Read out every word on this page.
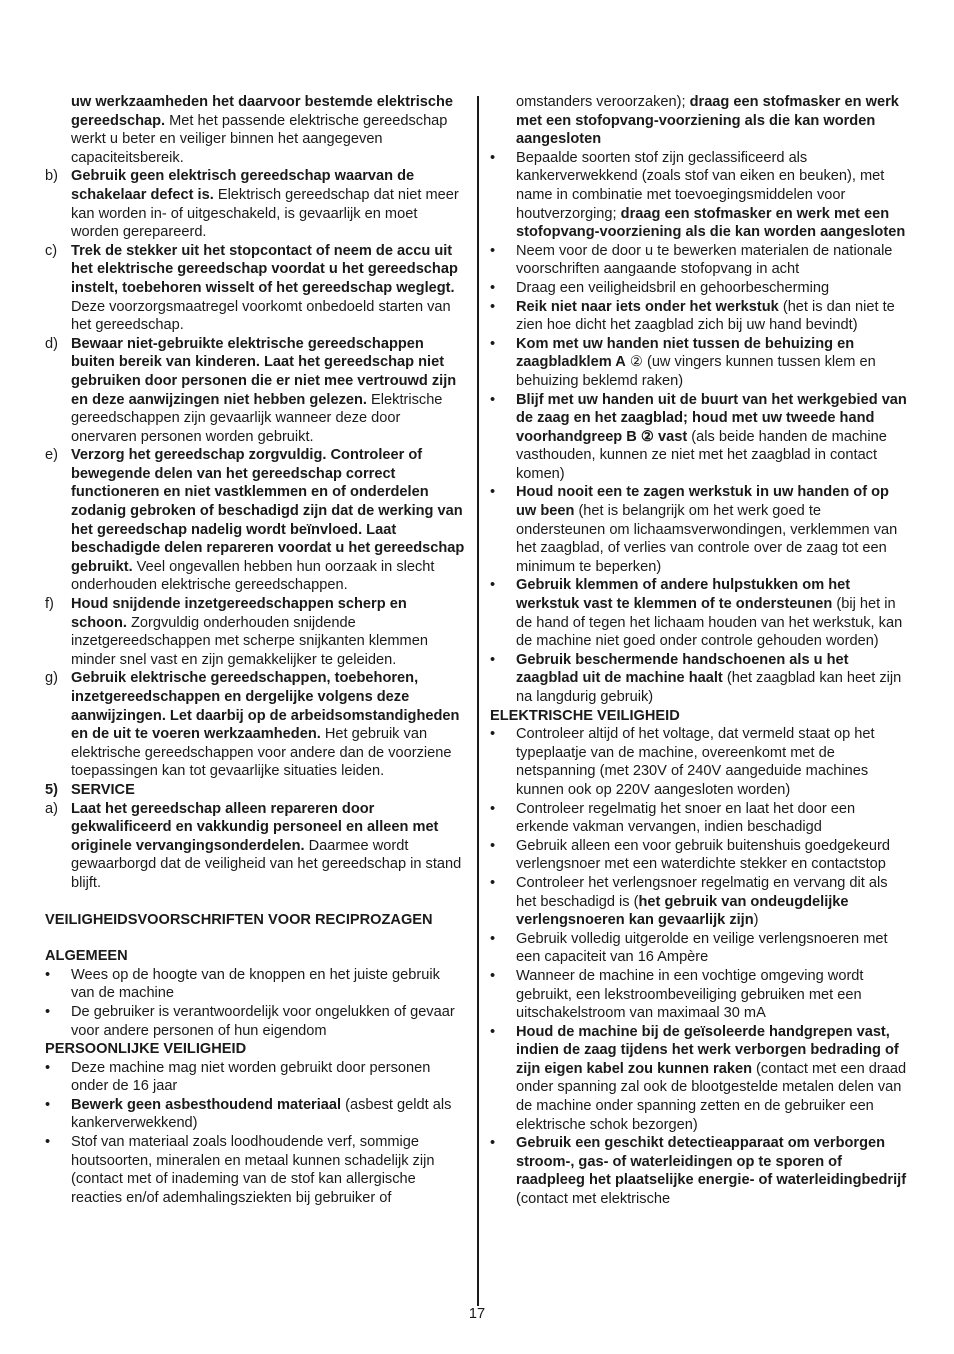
uw werkzaamheden het daarvoor bestemde elektrische gereedschap. Met het passende elektrische gereedschap werkt u beter en veiliger binnen het aangegeven capaciteitsbereik.
b) Gebruik geen elektrisch gereedschap waarvan de schakelaar defect is. Elektrisch gereedschap dat niet meer kan worden in- of uitgeschakeld, is gevaarlijk en moet worden gerepareerd.
c) Trek de stekker uit het stopcontact of neem de accu uit het elektrische gereedschap voordat u het gereedschap instelt, toebehoren wisselt of het gereedschap weglegt. Deze voorzorgsmaatregel voorkomt onbedoeld starten van het gereedschap.
d) Bewaar niet-gebruikte elektrische gereedschappen buiten bereik van kinderen. Laat het gereedschap niet gebruiken door personen die er niet mee vertrouwd zijn en deze aanwijzingen niet hebben gelezen. Elektrische gereedschappen zijn gevaarlijk wanneer deze door onervaren personen worden gebruikt.
e) Verzorg het gereedschap zorgvuldig. Controleer of bewegende delen van het gereedschap correct functioneren en niet vastklemmen en of onderdelen zodanig gebroken of beschadigd zijn dat de werking van het gereedschap nadelig wordt beïnvloed. Laat beschadigde delen repareren voordat u het gereedschap gebruikt. Veel ongevallen hebben hun oorzaak in slecht onderhouden elektrische gereedschappen.
f) Houd snijdende inzetgereedschappen scherp en schoon. Zorgvuldig onderhouden snijdende inzetgereedschappen met scherpe snijkanten klemmen minder snel vast en zijn gemakkelijker te geleiden.
g) Gebruik elektrische gereedschappen, toebehoren, inzetgereedschappen en dergelijke volgens deze aanwijzingen. Let daarbij op de arbeidsomstandigheden en de uit te voeren werkzaamheden. Het gebruik van elektrische gereedschappen voor andere dan de voorziene toepassingen kan tot gevaarlijke situaties leiden.
5) SERVICE
a) Laat het gereedschap alleen repareren door gekwalificeerd en vakkundig personeel en alleen met originele vervangingsonderdelen. Daarmee wordt gewaarborgd dat de veiligheid van het gereedschap in stand blijft.
VEILIGHEIDSVOORSCHRIFTEN VOOR RECIPROZAGEN
ALGEMEEN
• Wees op de hoogte van de knoppen en het juiste gebruik van de machine
• De gebruiker is verantwoordelijk voor ongelukken of gevaar voor andere personen of hun eigendom
PERSOONLIJKE VEILIGHEID
• Deze machine mag niet worden gebruikt door personen onder de 16 jaar
• Bewerk geen asbesthoudend materiaal (asbest geldt als kankerverwekkend)
• Stof van materiaal zoals loodhoudende verf, sommige houtsoorten, mineralen en metaal kunnen schadelijk zijn (contact met of inademing van de stof kan allergische reacties en/of ademhalingsziekten bij gebruiker of
omstanders veroorzaken); draag een stofmasker en werk met een stofopvang-voorziening als die kan worden aangesloten
• Bepaalde soorten stof zijn geclassificeerd als kankerverwekkend (zoals stof van eiken en beuken), met name in combinatie met toevoegingsmiddelen voor houtverzorging; draag een stofmasker en werk met een stofopvang-voorziening als die kan worden aangesloten
• Neem voor de door u te bewerken materialen de nationale voorschriften aangaande stofopvang in acht
• Draag een veiligheidsbril en gehoorbescherming
• Reik niet naar iets onder het werkstuk (het is dan niet te zien hoe dicht het zaagblad zich bij uw hand bevindt)
• Kom met uw handen niet tussen de behuizing en zaagbladklem A ② (uw vingers kunnen tussen klem en behuizing beklemd raken)
• Blijf met uw handen uit de buurt van het werkgebied van de zaag en het zaagblad; houd met uw tweede hand voorhandgreep B ② vast (als beide handen de machine vasthouden, kunnen ze niet met het zaagblad in contact komen)
• Houd nooit een te zagen werkstuk in uw handen of op uw been (het is belangrijk om het werk goed te ondersteunen om lichaamsverwondingen, verklemmen van het zaagblad, of verlies van controle over de zaag tot een minimum te beperken)
• Gebruik klemmen of andere hulpstukken om het werkstuk vast te klemmen of te ondersteunen (bij het in de hand of tegen het lichaam houden van het werkstuk, kan de machine niet goed onder controle gehouden worden)
• Gebruik beschermende handschoenen als u het zaagblad uit de machine haalt (het zaagblad kan heet zijn na langdurig gebruik)
ELEKTRISCHE VEILIGHEID
• Controleer altijd of het voltage, dat vermeld staat op het typeplaatje van de machine, overeenkomt met de netspanning (met 230V of 240V aangeduide machines kunnen ook op 220V aangesloten worden)
• Controleer regelmatig het snoer en laat het door een erkende vakman vervangen, indien beschadigd
• Gebruik alleen een voor gebruik buitenshuis goedgekeurd verlengsnoer met een waterdichte stekker en contactstop
• Controleer het verlengsnoer regelmatig en vervang dit als het beschadigd is (het gebruik van ondeugdelijke verlengsnoeren kan gevaarlijk zijn)
• Gebruik volledig uitgerolde en veilige verlengsnoeren met een capaciteit van 16 Ampère
• Wanneer de machine in een vochtige omgeving wordt gebruikt, een lekstroombeveiliging gebruiken met een uitschakelstroom van maximaal 30 mA
• Houd de machine bij de geïsoleerde handgrepen vast, indien de zaag tijdens het werk verborgen bedrading of zijn eigen kabel zou kunnen raken (contact met een draad onder spanning zal ook de blootgestelde metalen delen van de machine onder spanning zetten en de gebruiker een elektrische schok bezorgen)
• Gebruik een geschikt detectieapparaat om verborgen stroom-, gas- of waterleidingen op te sporen of raadpleeg het plaatselijke energie- of waterleidingbedrijf (contact met elektrische
17
